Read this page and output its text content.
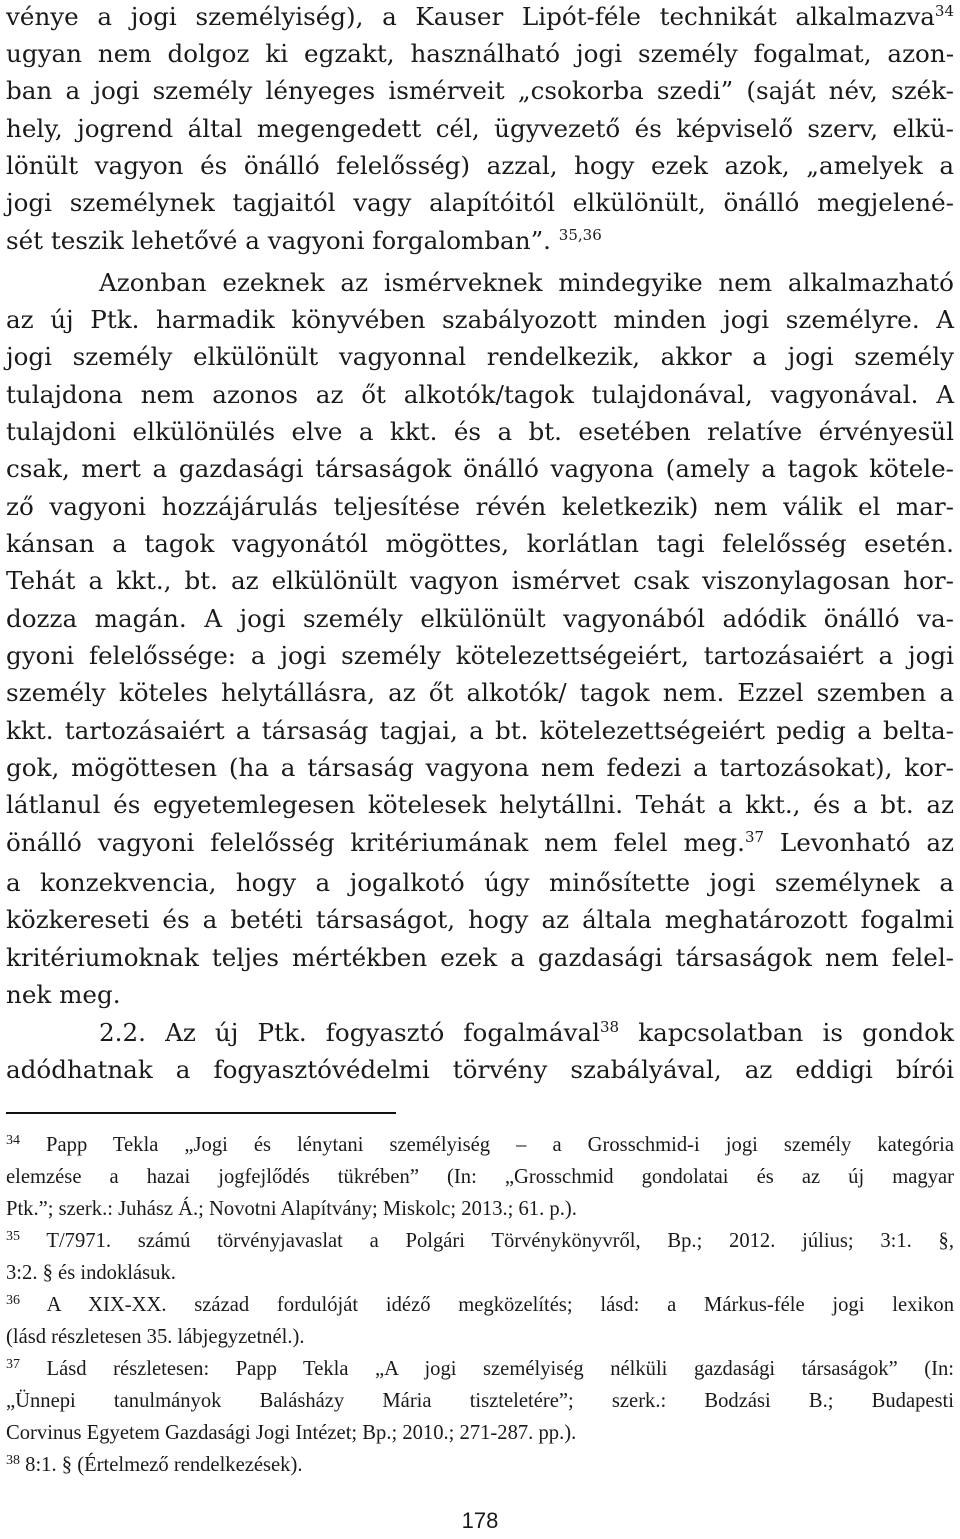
vénye a jogi személyiség), a Kauser Lipót-féle technikát alkalmazva$^{34}$
ugyan nem dolgoz ki egzakt, használható jogi személy fogalmat, azon-
ban a jogi személy lényeges ismérveit „csokorba szedi” (saját név, szék-
hely, jogrend által megengedett cél, ügyvezető és képviselő szerv, elkü-
lönült vagyon és önálló felelősség) azzal, hogy ezek azok, „amelyek a
jogi személynek tagjaitól vagy alapítóitól elkülönült, önálló megjelené-
sét teszik lehetővé a vagyoni forgalomban”. $^{35,36}$
Azonban ezeknek az ismérveknek mindegyike nem alkalmazható
az új Ptk. harmadik könyvében szabályozott minden jogi személyre. A
jogi személy elkülönült vagyonnal rendelkezik, akkor a jogi személy
tulajdona nem azonos az őt alkotók/tagok tulajdonával, vagyonával. A
tulajdoni elkülönülés elve a kkt. és a bt. esetében relatíve érvényesül
csak, mert a gazdasági társaságok önálló vagyona (amely a tagok kötele-
ző vagyoni hozzájárulás teljesítése révén keletkezik) nem válik el mar-
kánsan a tagok vagyonától mögöttes, korlátlan tagi felelősség esetén.
Tehát a kkt., bt. az elkülönült vagyon ismérvet csak viszonylagosan hor-
dozza magán. A jogi személy elkülönült vagyonából adódik önálló va-
gyoni felelőssége: a jogi személy kötelezettségeiért, tartozásaiért a jogi
személy köteles helytállásra, az őt alkotók/ tagok nem. Ezzel szemben a
kkt. tartozásaiért a társaság tagjai, a bt. kötelezettségeiért pedig a belta-
gok, mögöttesen (ha a társaság vagyona nem fedezi a tartozásokat), kor-
látlanul és egyetemlegesen kötelesek helytállni. Tehát a kkt., és a bt. az
önálló vagyoni felelősség kritériumának nem felel meg.$^{37}$ Levonható az
a konzekvencia, hogy a jogalkotó úgy minősítette jogi személynek a
közkereseti és a betéti társaságot, hogy az általa meghatározott fogalmi
kritériumoknak teljes mértékben ezek a gazdasági társaságok nem felel-
nek meg.
2.2. Az új Ptk. fogyasztó fogalmával$^{38}$ kapcsolatban is gondok
adódhatnak a fogyasztóvédelmi törvény szabályával, az eddigi bírói
$^{34}$ Papp Tekla „Jogi és lénytani személyiség – a Grosschmid-i jogi személy kategória
elemzése a hazai jogfejlődés tükrében” (In: „Grosschmid gondolatai és az új magyar
Ptk.”; szerk.: Juhász Á.; Novotni Alapítvány; Miskolc; 2013.; 61. p.).
$^{35}$ T/7971. számú törvényjavaslat a Polgári Törvénykönyvről, Bp.; 2012. július; 3:1. §,
3:2. § és indoklásuk.
$^{36}$ A XIX-XX. század fordulóját idéző megközelítés; lásd: a Márkus-féle jogi lexikon
(lásd részletesen 35. lábjegyzetnél.).
$^{37}$ Lásd részletesen: Papp Tekla „A jogi személyiség nélküli gazdasági társaságok” (In:
„Ünnepi tanulmányok Balásházy Mária tiszteletére”; szerk.: Bodzási B.; Budapesti
Corvinus Egyetem Gazdasági Jogi Intézet; Bp.; 2010.; 271-287. pp.).
$^{38}$ 8:1. § (Értelmező rendelkezések).
178
